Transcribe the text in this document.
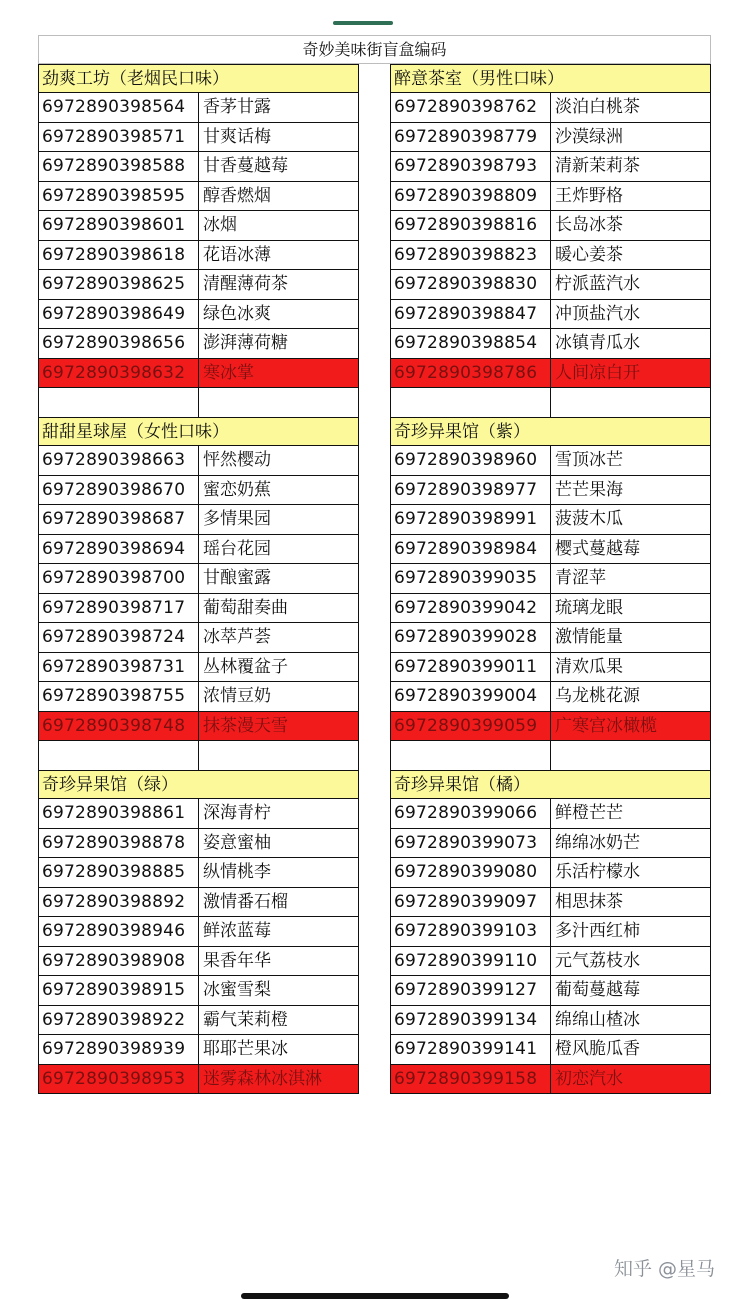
奇妙美味街盲盒编码
劲爽工坊（老烟民口味）
6972890398564	香茅甘露
6972890398571	甘爽话梅
6972890398588	甘香蔓越莓
6972890398595	醇香燃烟
6972890398601	冰烟
6972890398618	花语冰薄
6972890398625	清醒薄荷茶
6972890398649	绿色冰爽
6972890398656	澎湃薄荷糖
6972890398632	寒冰掌
醉意茶室（男性口味）
6972890398762	淡泊白桃茶
6972890398779	沙漠绿洲
6972890398793	清新茉莉茶
6972890398809	王炸野格
6972890398816	长岛冰茶
6972890398823	暖心姜茶
6972890398830	柠派蓝汽水
6972890398847	冲顶盐汽水
6972890398854	冰镇青瓜水
6972890398786	人间凉白开
甜甜星球屋（女性口味）
6972890398663	怦然樱动
6972890398670	蜜恋奶蕉
6972890398687	多情果园
6972890398694	瑶台花园
6972890398700	甘酿蜜露
6972890398717	葡萄甜奏曲
6972890398724	冰萃芦荟
6972890398731	丛林覆盆子
6972890398755	浓情豆奶
6972890398748	抹茶漫天雪
奇珍异果馆（紫）
6972890398960	雪顶冰芒
6972890398977	芒芒果海
6972890398991	菠菠木瓜
6972890398984	樱式蔓越莓
6972890399035	青涩苹
6972890399042	琉璃龙眼
6972890399028	激情能量
6972890399011	清欢瓜果
6972890399004	乌龙桃花源
6972890399059	广寒宫冰橄榄
奇珍异果馆（绿）
6972890398861	深海青柠
6972890398878	姿意蜜柚
6972890398885	纵情桃李
6972890398892	激情番石榴
6972890398946	鲜浓蓝莓
6972890398908	果香年华
6972890398915	冰蜜雪梨
6972890398922	霸气茉莉橙
6972890398939	耶耶芒果冰
6972890398953	迷雾森林冰淇淋
奇珍异果馆（橘）
6972890399066	鲜橙芒芒
6972890399073	绵绵冰奶芒
6972890399080	乐活柠檬水
6972890399097	相思抹茶
6972890399103	多汁西红柿
6972890399110	元气荔枝水
6972890399127	葡萄蔓越莓
6972890399134	绵绵山楂冰
6972890399141	橙风脆瓜香
6972890399158	初恋汽水
知乎 @星马
